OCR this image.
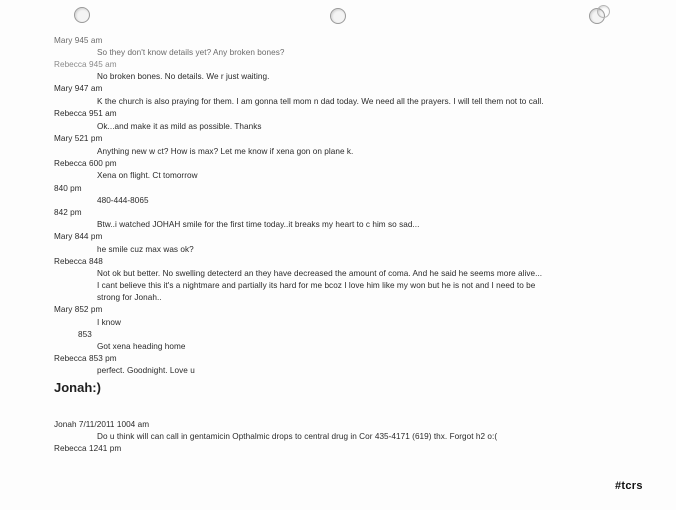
Mary 945 am
So they don't know details yet? Any broken bones?
Rebecca 945 am
No broken bones. No details. We r just waiting.
Mary 947 am
K the church is also praying for them. I am gonna tell mom n dad today. We need all the prayers. I will tell them not to call.
Rebecca 951 am
Ok...and make it as mild as possible. Thanks
Mary 521 pm
Anything new w ct? How is max? Let me know if xena gon on plane k.
Rebecca 600 pm
Xena on flight. Ct tomorrow
840 pm
480-444-8065
842 pm
Btw..i watched JOHAH smile for the first time today..it breaks my heart to c him so sad...
Mary 844 pm
he smile cuz max was ok?
Rebecca 848
Not ok but better. No swelling detecterd an they have decreased the amount of coma. And he said he seems more alive...
I cant believe this it's a nightmare and partially its hard for me bcoz I love him like my won but he is not and I need to be
strong for Jonah..
Mary 852 pm
I know
853
Got xena heading home
Rebecca 853 pm
perfect. Goodnight. Love u
Jonah:)
Jonah 7/11/2011 1004 am
Do u think will can call in gentamicin Opthalmic drops to central drug in Cor 435-4171 (619) thx. Forgot h2 o:(
Rebecca 1241 pm
#tcrs
